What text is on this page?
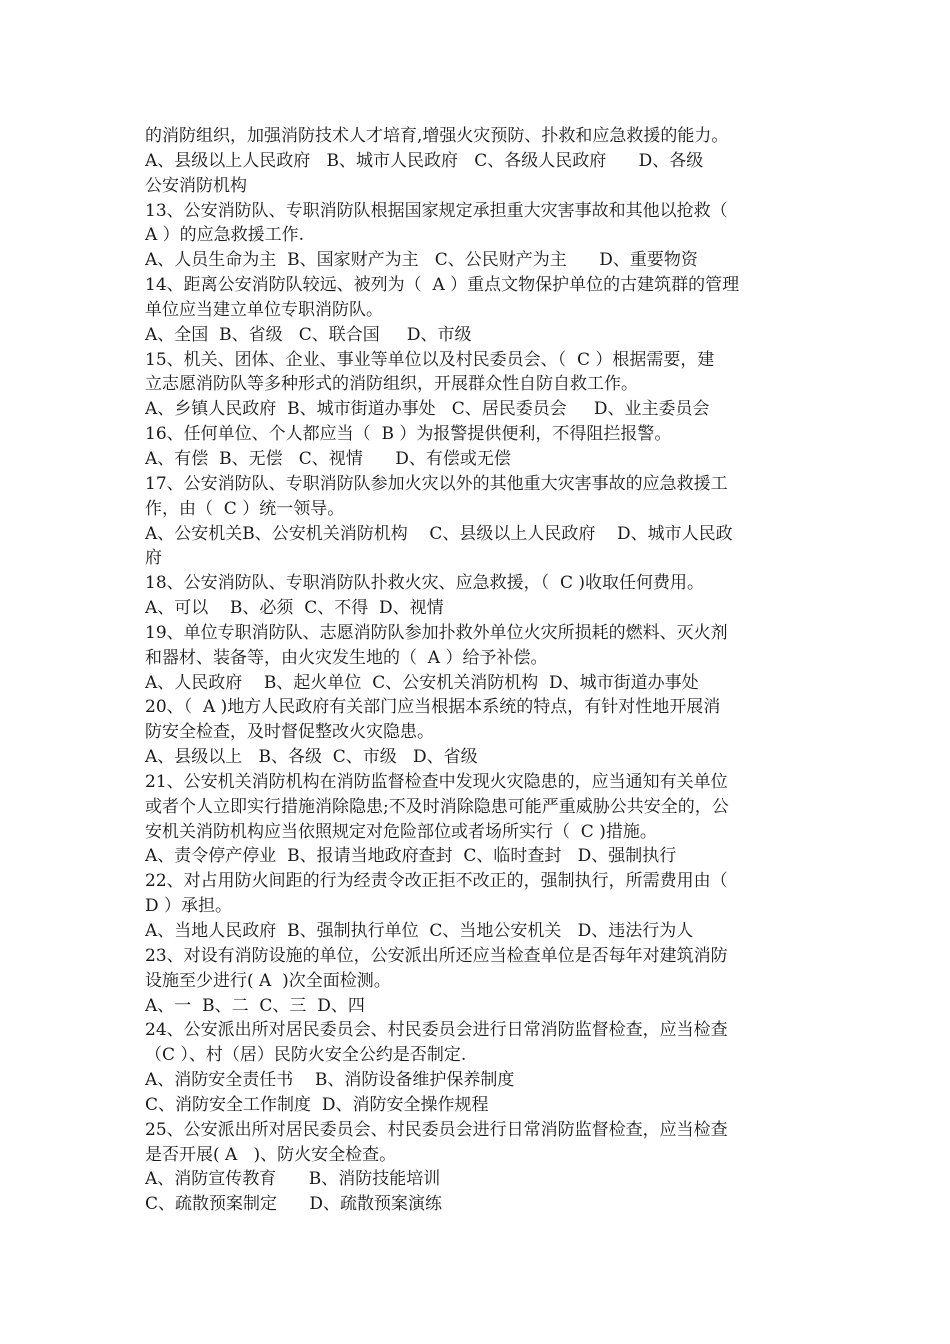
的消防组织，加强消防技术人才培育,增强火灾预防、扑救和应急救援的能力。
A、县级以上人民政府   B、城市人民政府   C、各级人民政府      D、各级
公安消防机构
13、公安消防队、专职消防队根据国家规定承担重大灾害事故和其他以抢救（
A ）的应急救援工作.
A、人员生命为主  B、国家财产为主   C、公民财产为主      D、重要物资
14、距离公安消防队较远、被列为（  A ）重点文物保护单位的古建筑群的管理
单位应当建立单位专职消防队。
A、全国  B、省级   C、联合国     D、市级
15、机关、团体、企业、事业等单位以及村民委员会、（  C ）根据需要，建
立志愿消防队等多种形式的消防组织，开展群众性自防自救工作。
A、乡镇人民政府  B、城市街道办事处   C、居民委员会     D、业主委员会
16、任何单位、个人都应当（  B ）为报警提供便利，不得阻拦报警。
A、有偿  B、无偿   C、视情      D、有偿或无偿
17、公安消防队、专职消防队参加火灾以外的其他重大灾害事故的应急救援工
作，由（  C ）统一领导。
A、公安机关B、公安机关消防机构    C、县级以上人民政府    D、城市人民政
府
18、公安消防队、专职消防队扑救火灾、应急救援，（  C )收取任何费用。
A、可以    B、必须  C、不得  D、视情
19、单位专职消防队、志愿消防队参加扑救外单位火灾所损耗的燃料、灭火剂
和器材、装备等，由火灾发生地的（  A ）给予补偿。
A、人民政府    B、起火单位  C、公安机关消防机构  D、城市街道办事处
20、（  A )地方人民政府有关部门应当根据本系统的特点，有针对性地开展消
防安全检查，及时督促整改火灾隐患。
A、县级以上   B、各级  C、市级   D、省级
21、公安机关消防机构在消防监督检查中发现火灾隐患的，应当通知有关单位
或者个人立即实行措施消除隐患;不及时消除隐患可能严重威胁公共安全的，公
安机关消防机构应当依照规定对危险部位或者场所实行（  C )措施。
A、责令停产停业  B、报请当地政府查封  C、临时查封   D、强制执行
22、对占用防火间距的行为经责令改正拒不改正的，强制执行，所需费用由（
D ）承担。
A、当地人民政府  B、强制执行单位  C、当地公安机关   D、违法行为人
23、对设有消防设施的单位，公安派出所还应当检查单位是否每年对建筑消防
设施至少进行( A  )次全面检测。
A、一  B、二  C、三  D、四
24、公安派出所对居民委员会、村民委员会进行日常消防监督检查，应当检查
（C ）、村（居）民防火安全公约是否制定.
A、消防安全责任书    B、消防设备维护保养制度
C、消防安全工作制度  D、消防安全操作规程
25、公安派出所对居民委员会、村民委员会进行日常消防监督检查，应当检查
是否开展( A   )、防火安全检查。
A、消防宣传教育      B、消防技能培训
C、疏散预案制定      D、疏散预案演练
